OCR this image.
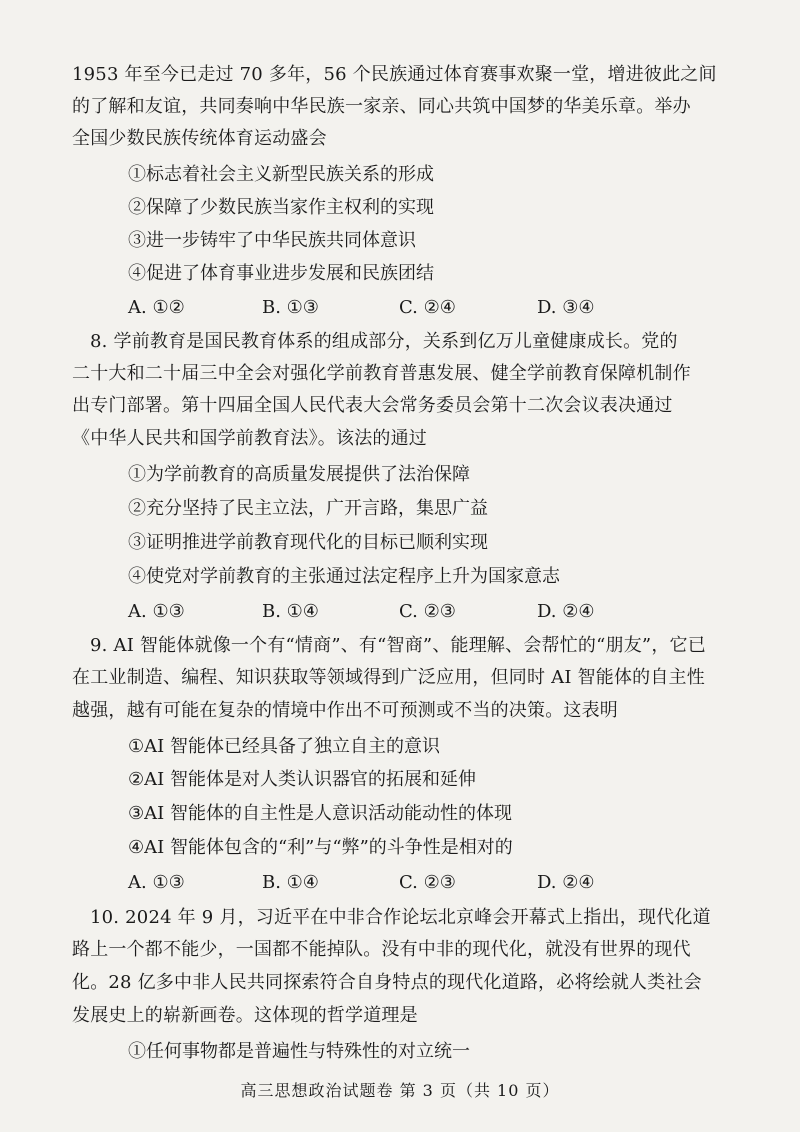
1953 年至今已走过 70 多年，56 个民族通过体育赛事欢聚一堂，增进彼此之间
的了解和友谊，共同奏响中华民族一家亲、同心共筑中国梦的华美乐章。举办
全国少数民族传统体育运动盛会
①标志着社会主义新型民族关系的形成
②保障了少数民族当家作主权利的实现
③进一步铸牢了中华民族共同体意识
④促进了体育事业进步发展和民族团结
A. ①②	B. ①③	C. ②④	D. ③④
8. 学前教育是国民教育体系的组成部分，关系到亿万儿童健康成长。党的
二十大和二十届三中全会对强化学前教育普惠发展、健全学前教育保障机制作
出专门部署。第十四届全国人民代表大会常务委员会第十二次会议表决通过
《中华人民共和国学前教育法》。该法的通过
①为学前教育的高质量发展提供了法治保障
②充分坚持了民主立法，广开言路，集思广益
③证明推进学前教育现代化的目标已顺利实现
④使党对学前教育的主张通过法定程序上升为国家意志
A. ①③	B. ①④	C. ②③	D. ②④
9. AI 智能体就像一个有“情商”、有“智商”、能理解、会帮忙的“朋友”，它已
在工业制造、编程、知识获取等领域得到广泛应用，但同时 AI 智能体的自主性
越强，越有可能在复杂的情境中作出不可预测或不当的决策。这表明
①AI 智能体已经具备了独立自主的意识
②AI 智能体是对人类认识器官的拓展和延伸
③AI 智能体的自主性是人意识活动能动性的体现
④AI 智能体包含的“利”与“弊”的斗争性是相对的
A. ①③	B. ①④	C. ②③	D. ②④
10. 2024 年 9 月，习近平在中非合作论坛北京峰会开幕式上指出，现代化道
路上一个都不能少，一国都不能掉队。没有中非的现代化，就没有世界的现代
化。28 亿多中非人民共同探索符合自身特点的现代化道路，必将绘就人类社会
发展史上的崭新画卷。这体现的哲学道理是
①任何事物都是普遍性与特殊性的对立统一
高三思想政治试题卷 第 3 页（共 10 页）
